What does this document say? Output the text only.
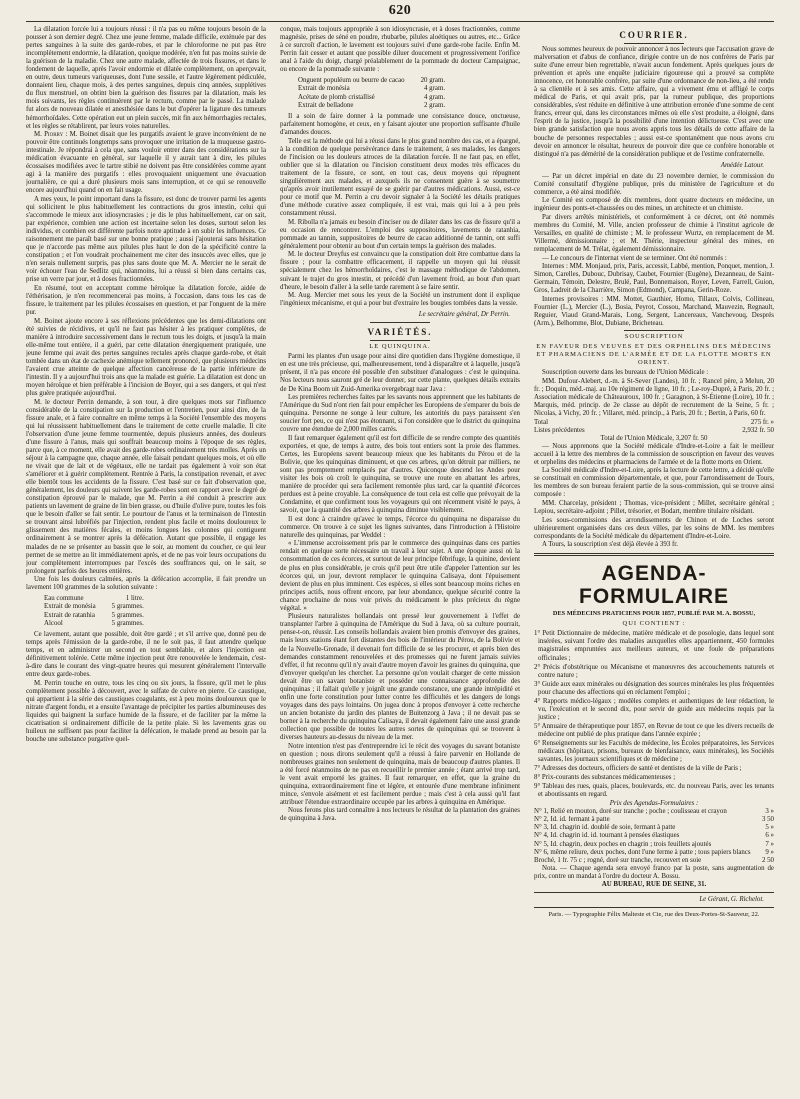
620

La dilatation forcée lui a toujours réussi : il n'a pas eu même toujours besoin de la pousser à son dernier degré. Chez une jeune femme, malade difficile, exténuée par des pertes sanguines à la suite des garde-robes, et par le chloroforme ne put pas être incomplètement endormie, la dilatation, quoique modérée, n'en fut pas moins suivie de la guérison de la maladie. Chez une autre malade, affectée de trois fissures, et dans le fondement de laquelle, après l'avoir endormie et dilatée complètement, on aperçevait, en outre, deux tumeurs variqueuses, dont l'une sessile, et l'autre légèrement pédiculée, donnaient lieu, chaque mois, à des pertes sanguines, depuis cinq années, supplétives du flux menstruel, on obtint bien la guérison des fissures par la dilatation, mais les mois suivants, les règles continuèrent par le rectum, comme par le passé. La malade fut alors de nouveau dilatée et anesthésiée dans le but d'opérer la ligature des tumeurs hémorrhoïdales. Cette opération eut un plein succès, mit fin aux hémorrhagies rectales, et les règles se rétablirent, par leurs voies naturelles.

M. Piorry : M. Boinet disait que les purgatifs avaient le grave inconvénient de ne pouvoir être continués longtemps sans provoquer une irritation de la muqueuse gastro-intestinale. Je répondrai à cela que, sans vouloir entrer dans des considérations sur la médication évacuante en général, sur laquelle il y aurait tant à dire, les pilules écossaises modifiées avec le tartre stibié ne doivent pas être considérées comme ayant agi à la manière des purgatifs : elles provoquaient uniquement une évacuation journalière, ce qui a duré plusieurs mois sans interruption, et ce qui se renouvelle encore aujourd'hui quand on en fait usage.

A mes yeux, le point important dans la fissure, est donc de trouver parmi les agents qui sollicitent le plus habituellement les contractions du gros intestin, celui qui s'accommode le mieux aux idiosyncrasies ; je dis le plus habituellement, car on sait, par expérience, combien une action est incertaine selon les doses, surtout selon les individus, et combien est différente parfois notre aptitude à en subir les influences. Ce raisonnement me paraît basé sur une bonne pratique ; aussi j'ajouterai sans hésitation que je n'accorde pas même aux pilules plus haut le don de la spécificité contre la constipation ; et l'on voudrait prochainement me citer des insuccès avec elles, que je n'en serais nullement surpris, pas plus sans doute que M. A. Mercier ne le serait de voir échouer l'eau de Sedlitz qui, néanmoins, lui a réussi si bien dans certains cas, prise un verre par jour, et à doses fractionnées.

En résumé, tout en acceptant comme héroïque la dilatation forcée, aidée de l'éthérisation, je n'en recommencerai pas moins, à l'occasion, dans tous les cas de fissure, le traitement par les pilules écossaises en question, et par l'onguent de la mère pur.

M. Boinet ajoute encore à ses réflexions précédentes que les demi-dilatations ont été suivies de récidives, et qu'il ne faut pas hésiter à les pratiquer complètes, de manière à introduire successivement dans le rectum tous les doigts, et jusqu'à la main elle-même tout entière, il a guéri, par cette dilatation énergiquement pratiquée, une jeune femme qui avait des pertes sanguines rectales après chaque garde-robe, et était tombée dans un état de cachexie anémique tellement prononcé, que plusieurs médecins l'avaient crue atteinte de quelque affection cancéreuse de la partie inférieure de l'intestin. Il y a aujourd'hui trois ans que la malade est guérie. La dilatation est donc un moyen héroïque et bien préférable à l'incision de Boyer, qui a ses dangers, et qui n'est plus guère pratiquée aujourd'hui.

M. le docteur Perrin demande, à son tour, à dire quelques mots sur l'influence considérable de la constipation sur la production et l'entretien, pour ainsi dire, de la fissure anale, et à faire connaître en même temps à la Société l'ensemble des moyens qui lui réussissent habituellement dans le traitement de cette cruelle maladie. Il cite l'observation d'une jeune femme tourmentée, depuis plusieurs années, des douleurs d'une fissure à l'anus, mais qui souffrait beaucoup moins à l'époque de ses règles, parce que, à ce moment, elle avait des garde-robes ordinairement très molles. Après un séjour à la campagne que, chaque année, elle faisait pendant quelques mois, et où elle ne vivait que de lait et de végétaux, elle ne tardait pas également à voir son état s'améliorer et à guérir complètement. Rentrée à Paris, la constipation revenait, et avec elle bientôt tous les accidents de la fissure. C'est basé sur ce fait d'observation que, généralement, les douleurs qui suivent les garde-robes sont en rapport avec le degré de constipation éprouvé par le malade, que M. Perrin a été conduit à prescrire aux patients un lavement de graine de lin bien grasse, ou d'huile d'olive pure, toutes les fois que le besoin d'aller se fait sentir. Le pourtour de l'anus et la terminaison de l'intestin se trouvant ainsi lubréfiés par l'injection, rendent plus facile et moins douloureux le glissement des matières fécales, et moins longues les colonnes qui contiguent ordinairement à se montrer après la défécation. Autant que possible, il engage les malades de ne se présenter au bassin que le soir, au moment du coucher, ce qui leur permet de se mettre au lit immédiatement après, et de ne pas voir leurs occupations du jour complètement interrompues par l'excès des souffrances qui, on le sait, se prolongent parfois des heures entières.

Une fois les douleurs calmées, après la défécation accomplie, il fait prendre un lavement 100 grammes de la solution suivante :

Eau commune	1 litre.
Extrait de monésia	5 grammes.
Extrait de ratanhia	5 grammes.
Alcool	5 grammes.

Ce lavement, autant que possible, doit être gardé ; et s'il arrive que, donné peu de temps après l'émission de la garde-robe, il ne le soit pas, il faut attendre quelque temps, et en administrer un second en tout semblable, et alors l'injection est définitivement tolérée. Cette même injection peut être renouvelée le lendemain, c'est-à-dire dans le courant des vingt-quatre heures qui mesurent généralement l'intervalle entre deux garde-robes.

M. Perrin touche en outre, tous les cinq ou six jours, la fissure, qu'il met le plus complètement possible à découvert, avec le sulfate de cuivre en pierre. Ce caustique, qui appartient à la série des caustiques coagulants, est à peu moins douloureux que le nitrate d'argent fondu, et a ensuite l'avantage de précipiter les parties albumineuses des liquides qui baignent la surface humide de la fissure, et de faciliter par la même la cicatrisation si ordinairement difficile de la petite plaie. Si les lavements gras ou huileux ne suffisent pas pour faciliter la défécation, le malade prend au besoin par la bouche une substance purgative quel-

conque, mais toujours appropriée à son idiosyncrasie, et à doses fractionnées, comme magnésie, prises de séné en poudre, rhubarbe, pilules aloétiques ou autres, etc... Grâce à ce surcroît d'action, le lavement est toujours suivi d'une garde-robe facile. Enfin M. Perrin fait cesser et autant que possible diluer doucement et progressivement l'orifice anal à l'aide du doigt, chargé préalablement de la pommade du docteur Campaignac, ou encore de la pommade suivante :

Onguent populéum ou beurre de cacao	20 gram.
Extrait de monésia	4 gram.
Acétate de plomb cristallisé	4 gram.
Extrait de belladone	2 gram.

Il a soin de faire donner à la pommade une consistance douce, onctueuse, parfaitement homogène, et ceux, en y faisant ajouter une proportion suffisante d'huile d'amandes douces.

Telle est la méthode qui lui a réussi dans le plus grand nombre des cas, et a épargné, à la condition de quelque persévérance dans le traitement, à ses malades, les dangers de l'incision ou les douleurs atroces de la dilatation forcée. Il ne faut pas, en effet, oublier que si la dilatation ou l'incision constituent deux modes très efficaces du traitement de la fissure, ce sont, en tout cas, deux moyens qui répugnent singulièrement aux malades, et auxquels ils ne consentent guère à se soumettre qu'après avoir inutilement essayé de se guérir par d'autres médications. Aussi, est-ce pour ce motif que M. Perrin a cru devoir signaler à la Société les détails pratiques d'une méthode curative assez compliquée, il est vrai, mais qui lui a à peu près constamment réussi.

M. Ribolla n'a jamais eu besoin d'inciser ou de dilater dans les cas de fissure qu'il a eu occasion de rencontrer. L'emploi des suppositoires, lavements de ratanhia, pommade au tannin, suppositoires de beurre de cacao additionné de tannin, ont suffi généralement pour obtenir au bout d'un certain temps la guérison des malades.

M. le docteur Dreyfus est convaincu que la constipation doit être combattue dans la fissure ; pour la combattre efficacement, il rappelle un moyen qui lui réussit spécialement chez les hémorrhoïdaires, c'est le massage méthodique de l'abdomen, suivant le trajet du gros intestin, et précédé d'un lavement froid, au bout d'un quart d'heure, le besoin d'aller à la selle tarde rarement à se faire sentir.

M. Aug. Mercier met sous les yeux de la Société un instrument dont il explique l'ingénieux mécanisme, et qui a pour but d'extraire les bougies tombées dans la vessie.

Le secrétaire général, Dr Perrin.
VARIÉTÉS.
LE QUINQUINA.

Parmi les plantes d'un usage pour ainsi dire quotidien dans l'hygiène domestique, il en est une très précieuse, qui, malheureusement, tend à disparaître et à laquelle, jusqu'à présent, il n'a pas encore été possible d'en substituer d'analogues : c'est le quinquina. Nos lecteurs nous sauront gré de leur donner, sur cette plante, quelques détails extraits de De Kina Boom uit Zuid-Amerika overgebragt naar Java :

Les premières recherches faites par les savants nous apprennent que les habitants de l'Amérique du Sud n'ont rien fait pour empêcher les Européens de s'emparer du bois de quinquina. Personne ne songe à leur culture, les autorités du pays paraissent s'en soucier fort peu, ce qui n'est pas étonnant, si l'on considère que le district du quinquina couvre une étendue de 2,000 milles carrés.

Il faut remarquer également qu'il est fort difficile de se rendre compte des quantités exportées, et que, de temps à autre, des bois tout entiers sont la proie des flammes. Certes, les Européens savent beaucoup mieux que les habitants du Pérou et de la Bolivie, que les quinquinas diminuent, et que ces arbres, qu'on détruit par milliers, ne sont pas promptement remplacés par d'autres. Quiconque descend les Andes pour visiter les bois où croît le quinquina, se trouve une route en abattant les arbres, manière de procéder qui sera facilement remontée plus tard, car la quantité d'écorces perdues est à peine croyable. La conséquence de tout cela est celle que prévoyait de la Condamine, et que confirment tous les voyageurs qui ont récemment visité le pays, à savoir, que la quantité des arbres à quinquina diminue visiblement.

Il est donc à craindre qu'avec le temps, l'écorce du quinquina ne disparaisse du commerce. On trouve à ce sujet les lignes suivantes, dans l'introduction à l'Histoire naturelle des quinquinas, par Weddel :

« L'immense accroissement pris par le commerce des quinquinas dans ces parties rendait en quelque sorte nécessaire un travail à leur sujet. A une époque aussi où la consommation de ces écorces, et surtout de leur principe fébrifuge, la quinine, devient de plus en plus considérable, je crois qu'il peut être utile d'appeler l'attention sur les écorces qui, un jour, devront remplacer le quinquina Calisaya, dont l'épuisement devient de plus en plus imminent. Ces espèces, si elles sont beaucoup moins riches en principes actifs, nous offrent encore, par leur abondance, quelque sécurité contre la chance prochaine de nous voir privés du médicament le plus précieux du règne végétal. »

Plusieurs naturalistes hollandais ont pressé leur gouvernement à l'effet de transplanter l'arbre à quinquina de l'Amérique du Sud à Java, où sa culture pourrait, pense-t-on, réussir. Les conseils hollandais avaient bien promis d'envoyer des graines, mais leurs stations étant fort distantes des bois de l'intérieur du Pérou, de la Bolivie et de la Nouvelle-Grenade, il devenait fort difficile de se les procurer, et après bien des demandes constamment renouvelées et des promesses qui ne furent jamais suivies d'effet, il fut reconnu qu'il n'y avait d'autre moyen d'avoir les graines du quinquina, que d'envoyer quelqu'un les chercher. La personne qu'on voulait charger de cette mission devait être un savant botaniste et posséder une connaissance approfondie des quinquinas ; il fallait qu'elle y joignît une grande constance, une grande intrépidité et enfin une forte constitution pour lutter contre les difficultés et les dangers de longs voyages dans des pays lointains. On jugea donc à propos d'envoyer à cette recherche un ancien botaniste du jardin des plantes de Buitenzorg à Java ; il ne devait pas se borner à la recherche du quinquina Calisaya, il devait également faire une aussi grande collection que possible de toutes les autres sortes de quinquinas qui se trouvent à diverses hauteurs au-dessus du niveau de la mer.

Notre intention n'est pas d'entreprendre ici le récit des voyages du savant botaniste en question ; nous dirons seulement qu'il a réussi à faire parvenir en Hollande de nombreuses graines non seulement de quinquina, mais de beaucoup d'autres plantes. Il a été forcé néanmoins de ne pas en recueillir le premier année ; étant arrivé trop tard, le vent avait emporté les graines. Il faut remarquer, en effet, que la graine du quinquina, extraordinairement fine et légère, et entourée d'une membrane infiniment mince, s'envole aisément et est facilement perdue ; mais c'est à cela aussi qu'il faut attribuer l'étendue extraordinaire occupée par les arbres à quinquina en Amérique.

Nous ferons plus tard connaître à nos lecteurs le résultat de la plantation des graines de quinquina à Java.

COURRIER.

Nous sommes heureux de pouvoir annoncer à nos lecteurs que l'accusation grave de malversation et d'abus de confiance, dirigée contre un de nos confrères de Paris par suite d'une erreur bien regrettable, n'avait aucun fondement. Après quelques jours de prévention et après une enquête judiciaire rigoureuse qui a prouvé sa complète innocence, cet honorable confrère, par suite d'une ordonnance de non-lieu, a été rendu à sa clientèle et à ses amis. Cette affaire, qui a vivement ému et affligé le corps médical de Paris, et qui avait pris, par la rumeur publique, des proportions considérables, s'est réduite en définitive à une attribution erronée d'une somme de cent francs, erreur qui, dans les circonstances mêmes où elle s'est produite, a éloigné, dans l'esprit de la justice, jusqu'à la possibilité d'une intention délictueuse. C'est avec une bien grande satisfaction que nous avons appris tous les détails de cette affaire de la bouche de personnes respectables ; aussi est-ce spontanément que nous avons cru devoir en annoncer le résultat, heureux de pouvoir dire que ce confrère honorable et distingué n'a pas démérité de la considération publique et de l'estime confraternelle.

Amédée Latour.

— Par un décret impérial en date du 23 novembre dernier, le commission du Comité consultatif d'hygiène publique, près du ministère de l'agriculture et du commerce, a été ainsi modifiée.

Le Comité est composé de dix membres, dont quatre docteurs en médecine, un ingénieur des ponts-et-chaussées ou des mines, un architecte et un chimiste.

Par divers arrêtés ministériels, et conformément à ce décret, ont été nommés membres du Comité, M. Ville, ancien professeur de chimie à l'institut agricole de Versailles, en qualité de chimiste ; M. le professeur Wurtz, en remplacement de M. Villermé, démissionnaire ; et M. Thérie, inspecteur général des mines, en remplacement de M. Trélat, également démissionnaire.

— Le concours de l'internat vient de se terminer. Ont été nommés :

Internes : MM. Monjaud, prix, Paris, accessit, Labbé, mention, Ponquet, mention, J. Simon, Carelles, Dubouc, Dubrisay, Caubet, Fournier (Eugène), Dezanneau, de Saint-Germain, Témoin, Delestre, Brulé, Paul, Bonnemaison, Royer, Leven, Farrell, Guion, Gros, Ladreit de la Charrière, Simon (Edmond), Campana, Gerin-Roze.

Internes provisoires : MM. Mottet, Gauthier, Homo, Tillaux, Colvis, Collineau, Fournier (L.), Mercier (L.), Bosia, Peyrot, Cossou, Marchand, Mauvezin, Regnault, Reguier, Viaud Grand-Marais, Long, Sergent, Lancereaux, Vanchevouq, Després (Arm.), Belhomme, Blot, Dubiane, Bricheteau.

SOUSCRIPTION
EN FAVEUR DES VEUVES ET DES ORPHELINS DES MÉDECINS ET PHARMACIENS DE L'ARMÉE ET DE LA FLOTTE MORTS EN ORIENT.

Souscription ouverte dans les bureaux de l'Union Médicale :

MM. Dufour-Alebert, d.-m. à St-Sever (Landes), 10 fr. ; Rancel père, à Melun, 20 fr. ; Doquin, méd.-maj. au 10e régiment de ligne, 10 fr. ; Le-roy-Dupré, à Paris, 20 fr. ; Association médicale de Châteauroux, 100 fr. ; Garagnon, à St-Étienne (Loire), 10 fr. ; Marquis, méd. princip. de 2e classe au dépôt de recrutement de la Seine, 5 fr. ; Nicolas, à Vichy, 20 fr. ; Villaret, méd. princip., à Paris, 20 fr. ; Bertin, à Paris, 60 fr.

Total	275 fr. »
Listes précédentes	2,932 fr. 50
Total de l'Union Médicale, 3,207 fr. 50

— Nous apprenons que la Société médicale d'Indre-et-Loire a fait le meilleur accueil à la lettre des membres de la commission de souscription en faveur des veuves et orphelins des médecins et pharmaciens de l'armée et de la flotte morts en Orient.

La Société médicale d'Indre-et-Loire, après la lecture de cette lettre, a décidé qu'elle se constituait en commission départementale, et que, pour l'arrondissement de Tours, les membres de son bureau feraient partie de la sous-commission, qui se trouve ainsi composée :

MM. Charcelay, président ; Thomas, vice-président ; Millet, secrétaire général ; Lepiou, secrétaire-adjoint ; Pillet, trésorier, et Bodart, membre titulaire résidant.

Les sous-commissions des arrondissements de Chinon et de Loches seront ultérieurement organisées dans ces deux villes, par les soins de MM. les membres correspondants de la Société médicale du département d'Indre-et-Loire.

A Tours, la souscription s'est déjà élevée à 393 fr.

AGENDA-FORMULAIRE
DES MÉDECINS PRATICIENS POUR 1857, PUBLIÉ PAR M. A. BOSSU,
QUI CONTIENT :
1° Petit Dictionnaire de médecine, matière médicale et de posologie, dans lequel sont insérées, suivant l'ordre des maladies auxquelles elles appartiennent, 450 formules magistrales empruntées aux meilleurs auteurs, et une foule de préparations officinales ;
2° Précis d'obstétrique ou Mécanisme et manœuvres des accouchements naturels et contre nature ;
3° Guide aux eaux minérales ou désignation des sources minérales les plus fréquentées pour chacune des affections qui en réclament l'emploi ;
4° Rapports médico-légaux ; modèles complets et authentiques de leur rédaction, le vu, l'exécution et le second dix, pour servir de guide aux médecins requis par la justice ;
5° Annuaire de thérapeutique pour 1857, en Revue de tout ce que les divers recueils de médecine ont publié de plus pratique dans l'année expirée ;
6° Renseignements sur les Facultés de médecine, les Écoles préparatoires, les Services médicaux (hôpitaux, prisons, bureaux de bienfaisance, eaux minérales), les Sociétés savantes, les journaux scientifiques et de médecine ;
7° Adresses des docteurs, officiers de santé et dentistes de la ville de Paris ;
8° Prix-courants des substances médicamenteuses ;
9° Tableau des rues, quais, places, boulevards, etc. du nouveau Paris, avec les tenants et aboutissants en regard.
Prix des Agendas-Formulaires :
N° 1, Relié en mouton, doré sur tranche ; poche ; coulisseau et crayon	3 »
N° 2, Id. id. fermant à patte	3 50
N° 3, Id. chagrin id. doublé de soie, fermant à patte	5 »
N° 4, Id. chagrin id. id. tournant à pensées élastiques	6 »
N° 5, Id. chagrin, deux poches en chagrin ; trois feuillets ajoutés	7 »
N° 6, même reliure, deux poches, dont l'une ferme à patte ; tous papiers blancs	9 »
Broché, 1 fr. 75 c ; rogné, doré sur tranche, recouvert en soie	2 50

Nota. — Chaque agenda sera envoyé franco par la poste, sans augmentation de prix, contre un mandat à l'ordre du docteur A. Bossu.

AU BUREAU, RUE DE SEINE, 31.
Le Gérant, G. Richelot.
Paris. — Typographie Félix Malteste et Cie, rue des Deux-Portes-St-Sauveur, 22.
